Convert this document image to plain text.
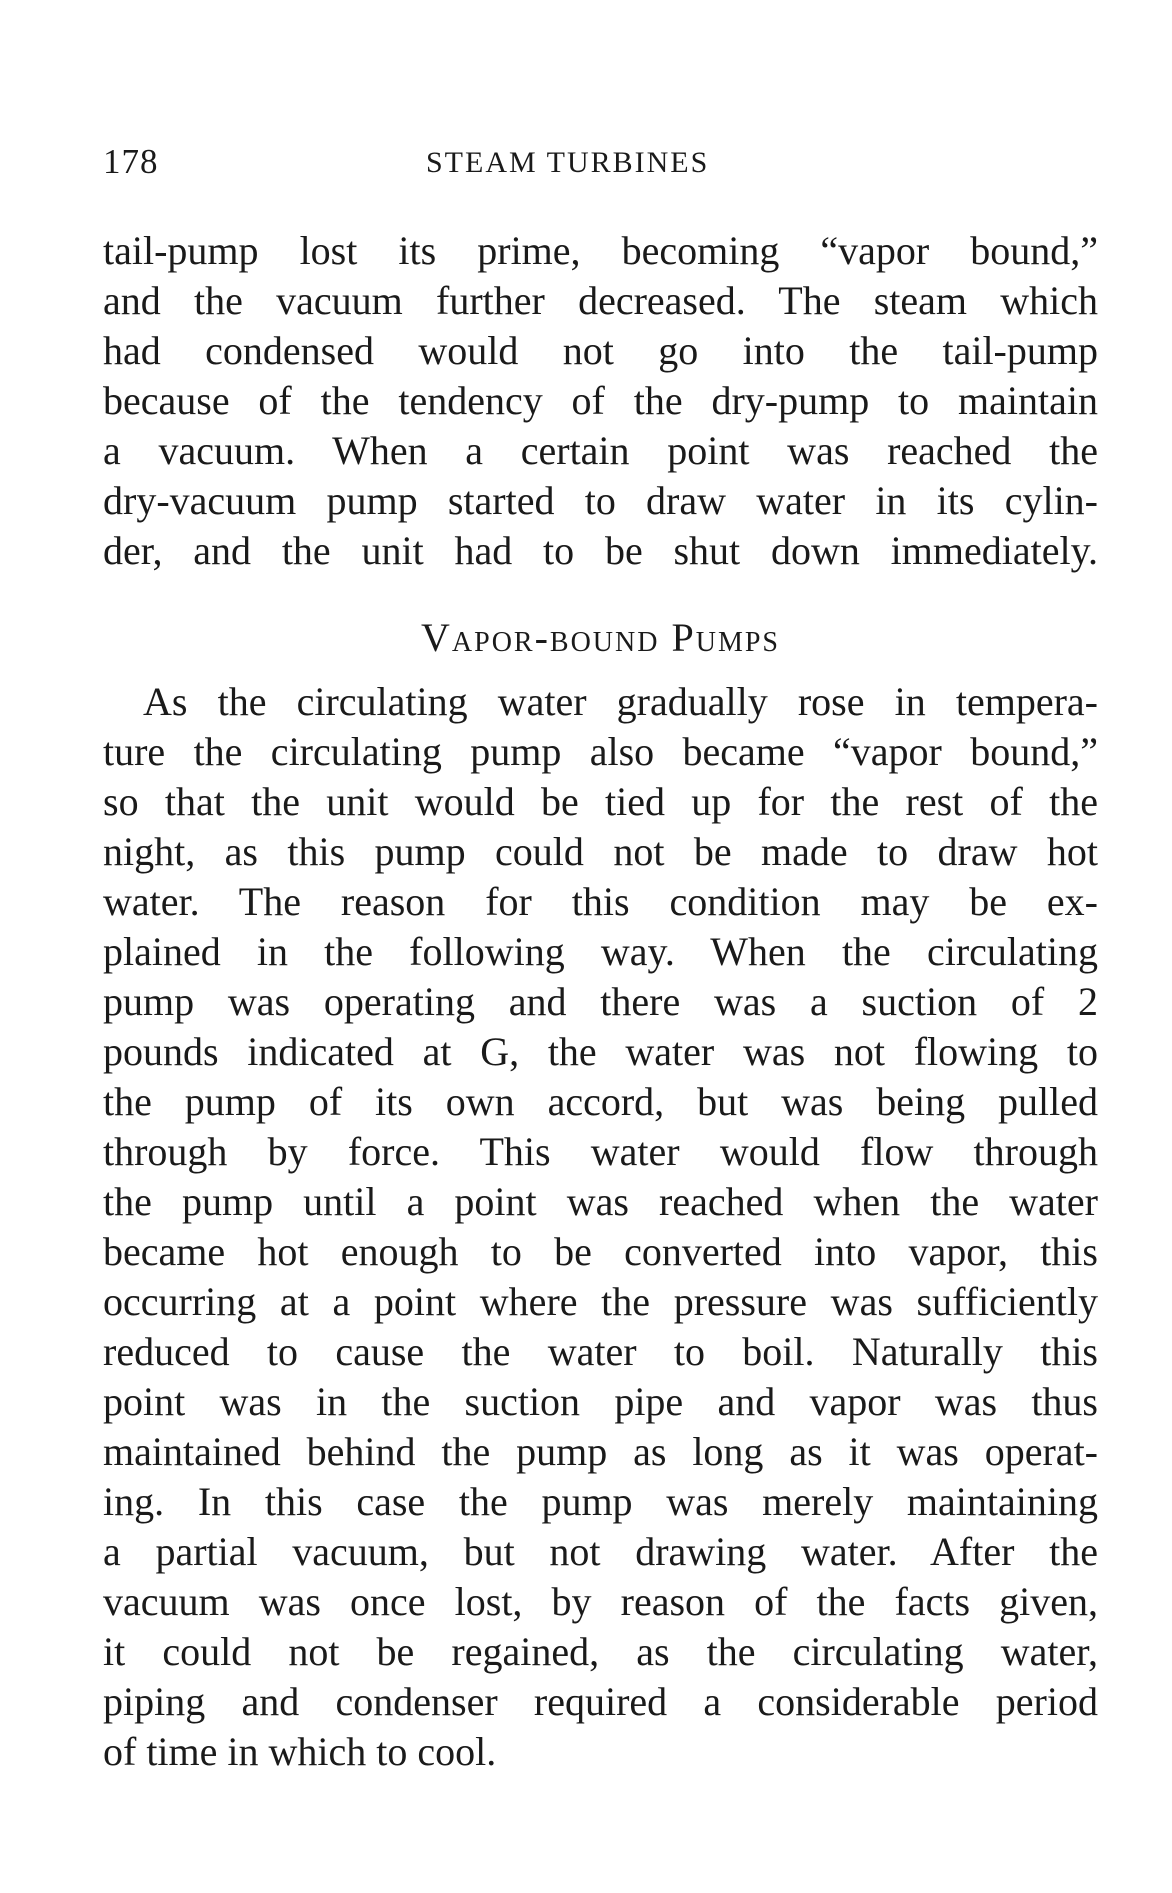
178	STEAM TURBINES
tail-pump lost its prime, becoming “vapor bound,”
and the vacuum further decreased. The steam which
had condensed would not go into the tail-pump
because of the tendency of the dry-pump to maintain
a vacuum. When a certain point was reached the
dry-vacuum pump started to draw water in its cylin-
der, and the unit had to be shut down immediately.
Vapor-bound Pumps
As the circulating water gradually rose in tempera-
ture the circulating pump also became “vapor bound,”
so that the unit would be tied up for the rest of the
night, as this pump could not be made to draw hot
water. The reason for this condition may be ex-
plained in the following way. When the circulating
pump was operating and there was a suction of 2
pounds indicated at G, the water was not flowing to
the pump of its own accord, but was being pulled
through by force. This water would flow through
the pump until a point was reached when the water
became hot enough to be converted into vapor, this
occurring at a point where the pressure was sufficiently
reduced to cause the water to boil. Naturally this
point was in the suction pipe and vapor was thus
maintained behind the pump as long as it was operat-
ing. In this case the pump was merely maintaining
a partial vacuum, but not drawing water. After the
vacuum was once lost, by reason of the facts given,
it could not be regained, as the circulating water,
piping and condenser required a considerable period
of time in which to cool.
